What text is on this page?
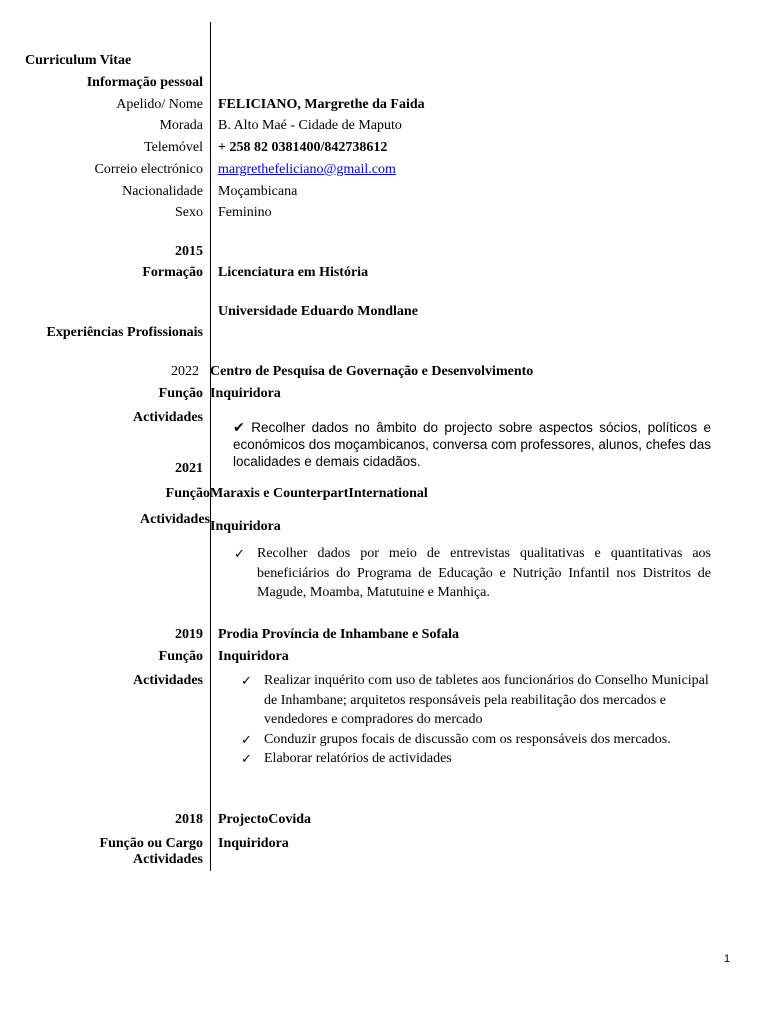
Curriculum Vitae
Informação pessoal
Apelido/ Nome FELICIANO, Margrethe da Faida
Morada B. Alto Maé - Cidade de Maputo
Telemóvel + 258 82 0381400/842738612
Correio electrónico margrethefeliciano@gmail.com
Nacionalidade Moçambicana
Sexo Feminino
2015
Formação Licenciatura em História
Universidade Eduardo Mondlane
Experiências Profissionais
2022 Centro de Pesquisa de Governação e Desenvolvimento
Função Inquiridora
Actividades
✔ Recolher dados no âmbito do projecto sobre aspectos sócios, políticos e económicos dos moçambicanos, conversa com professores, alunos, chefes das localidades e demais cidadãos.
2021
Função Maraxis e CounterpartInternational
Actividades Inquiridora
✓ Recolher dados por meio de entrevistas qualitativas e quantitativas aos beneficiários do Programa de Educação e Nutrição Infantil nos Distritos de Magude, Moamba, Matutuine e Manhiça.
2019 Prodia Província de Inhambane e Sofala
Função Inquiridora
Actividades	✓ Realizar inquérito com uso de tabletes aos funcionários do Conselho Municipal de Inhambane; arquitetos responsáveis pela reabilitação dos mercados e vendedores e compradores do mercado
✓ Conduzir grupos focais de discussão com os responsáveis dos mercados.
✓ Elaborar relatórios de actividades
2018 ProjectoCovida
Função ou Cargo Inquiridora
Actividades
1
